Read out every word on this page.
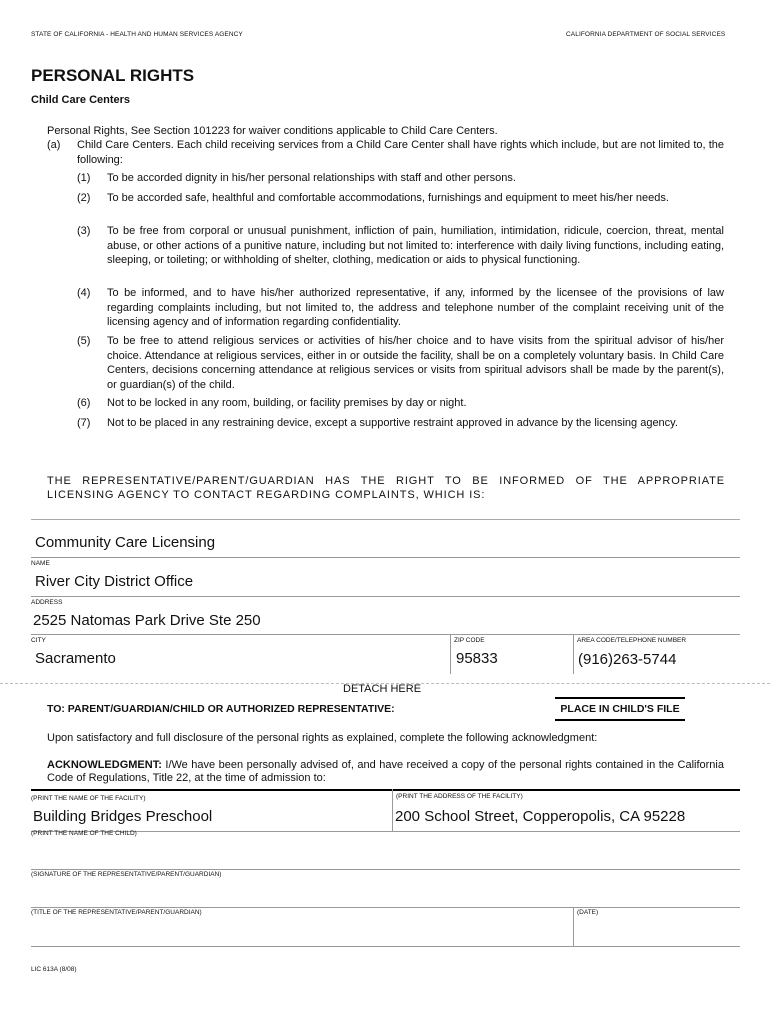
STATE OF CALIFORNIA - HEALTH AND HUMAN SERVICES AGENCY	CALIFORNIA DEPARTMENT OF SOCIAL SERVICES
PERSONAL RIGHTS
Child Care Centers
Personal Rights, See Section 101223 for waiver conditions applicable to Child Care Centers.
(a) Child Care Centers. Each child receiving services from a Child Care Center shall have rights which include, but are not limited to, the following:
(1) To be accorded dignity in his/her personal relationships with staff and other persons.
(2) To be accorded safe, healthful and comfortable accommodations, furnishings and equipment to meet his/her needs.
(3) To be free from corporal or unusual punishment, infliction of pain, humiliation, intimidation, ridicule, coercion, threat, mental abuse, or other actions of a punitive nature, including but not limited to: interference with daily living functions, including eating, sleeping, or toileting; or withholding of shelter, clothing, medication or aids to physical functioning.
(4) To be informed, and to have his/her authorized representative, if any, informed by the licensee of the provisions of law regarding complaints including, but not limited to, the address and telephone number of the complaint receiving unit of the licensing agency and of information regarding confidentiality.
(5) To be free to attend religious services or activities of his/her choice and to have visits from the spiritual advisor of his/her choice. Attendance at religious services, either in or outside the facility, shall be on a completely voluntary basis. In Child Care Centers, decisions concerning attendance at religious services or visits from spiritual advisors shall be made by the parent(s), or guardian(s) of the child.
(6) Not to be locked in any room, building, or facility premises by day or night.
(7) Not to be placed in any restraining device, except a supportive restraint approved in advance by the licensing agency.
THE REPRESENTATIVE/PARENT/GUARDIAN HAS THE RIGHT TO BE INFORMED OF THE APPROPRIATE LICENSING AGENCY TO CONTACT REGARDING COMPLAINTS, WHICH IS:
Community Care Licensing
NAME
River City District Office
ADDRESS
2525 Natomas Park Drive Ste 250
CITY	ZIP CODE	AREA CODE/TELEPHONE NUMBER
Sacramento	95833	(916)263-5744
DETACH HERE
TO: PARENT/GUARDIAN/CHILD OR AUTHORIZED REPRESENTATIVE:	PLACE IN CHILD'S FILE
Upon satisfactory and full disclosure of the personal rights as explained, complete the following acknowledgment:
ACKNOWLEDGMENT: I/We have been personally advised of, and have received a copy of the personal rights contained in the California Code of Regulations, Title 22, at the time of admission to:
(PRINT THE NAME OF THE FACILITY)	(PRINT THE ADDRESS OF THE FACILITY)
Building Bridges Preschool	200 School Street, Copperopolis, CA 95228
(PRINT THE NAME OF THE CHILD)
(SIGNATURE OF THE REPRESENTATIVE/PARENT/GUARDIAN)
(TITLE OF THE REPRESENTATIVE/PARENT/GUARDIAN)	(DATE)
LIC 613A (8/08)
